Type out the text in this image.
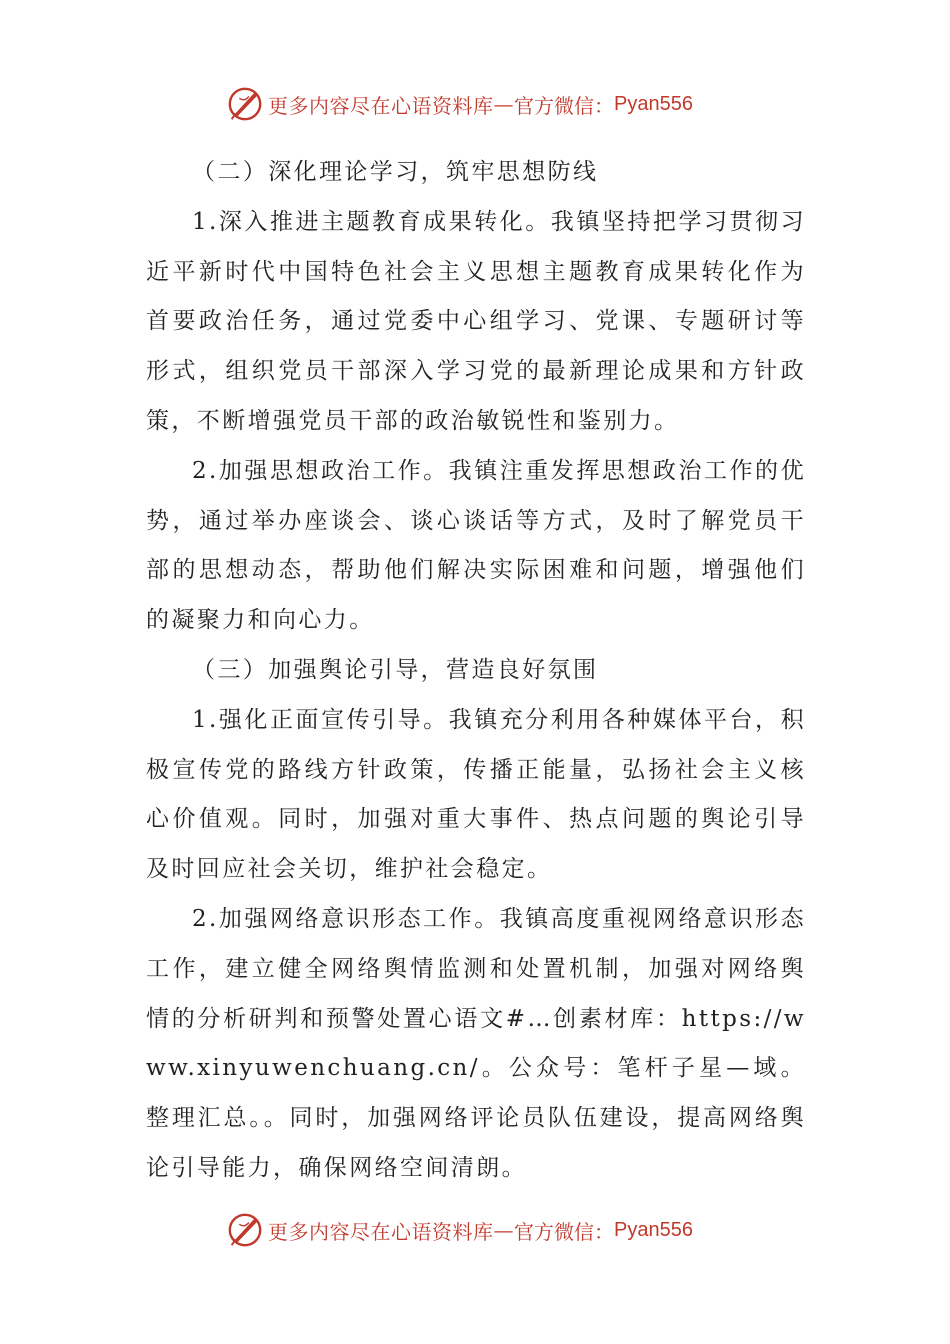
更多内容尽在心语资料库 — 官方微信： Pyan556

（二）深化理论学习，筑牢思想防线

1.深入推进主题教育成果转化。我镇坚持把学习贯彻习近平新时代中国特色社会主义思想主题教育成果转化作为首要政治任务，通过党委中心组学习、党课、专题研讨等形式，组织党员干部深入学习党的最新理论成果和方针政策，不断增强党员干部的政治敏锐性和鉴别力。

2.加强思想政治工作。我镇注重发挥思想政治工作的优势，通过举办座谈会、谈心谈话等方式，及时了解党员干部的思想动态，帮助他们解决实际困难和问题，增强他们的凝聚力和向心力。

（三）加强舆论引导，营造良好氛围

1.强化正面宣传引导。我镇充分利用各种媒体平台，积极宣传党的路线方针政策，传播正能量，弘扬社会主义核心价值观。同时，加强对重大事件、热点问题的舆论引导及时回应社会关切，维护社会稳定。

2.加强网络意识形态工作。我镇高度重视网络意识形态工作，建立健全网络舆情监测和处置机制，加强对网络舆情的分析研判和预警处置心语文#…创素材库：https://www.xinyuwenchuang.cn/。公众号：笔杆子星—域。整理汇总。。同时，加强网络评论员队伍建设，提高网络舆论引导能力，确保网络空间清朗。

更多内容尽在心语资料库 — 官方微信： Pyan556
